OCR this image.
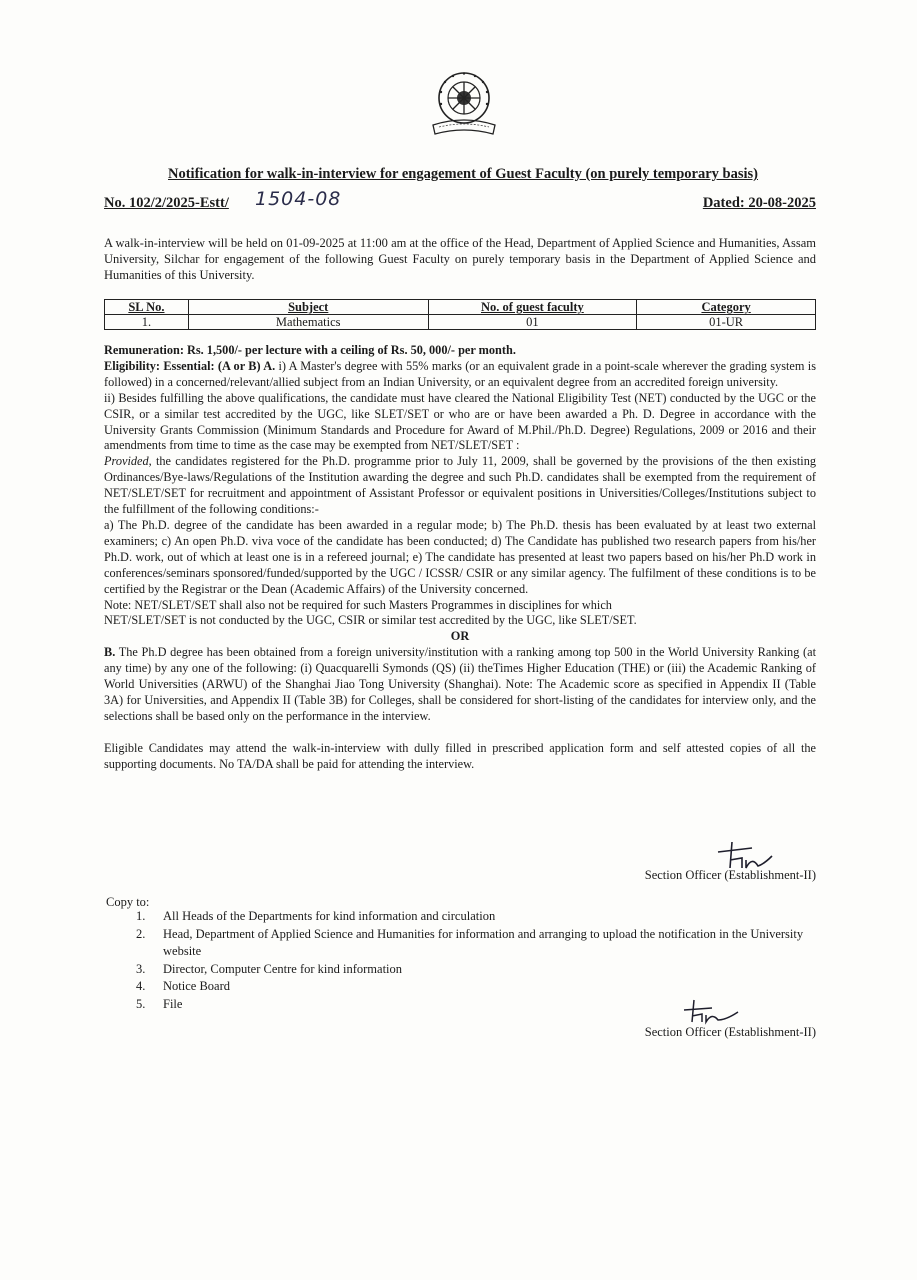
Notification for walk-in-interview for engagement of Guest Faculty (on purely temporary basis)
No. 102/2/2025-Estt/ 1504-08	Dated: 20-08-2025

A walk-in-interview will be held on 01-09-2025 at 11:00 am at the office of the Head, Department of Applied Science and Humanities, Assam University, Silchar for engagement of the following Guest Faculty on purely temporary basis in the Department of Applied Science and Humanities of this University.

SL No.	Subject	No. of guest faculty	Category
1.	Mathematics	01	01-UR

Remuneration: Rs. 1,500/- per lecture with a ceiling of Rs. 50, 000/- per month.

Eligibility: Essential: (A or B) A. i) A Master's degree with 55% marks (or an equivalent grade in a point-scale wherever the grading system is followed) in a concerned/relevant/allied subject from an Indian University, or an equivalent degree from an accredited foreign university.

ii) Besides fulfilling the above qualifications, the candidate must have cleared the National Eligibility Test (NET) conducted by the UGC or the CSIR, or a similar test accredited by the UGC, like SLET/SET or who are or have been awarded a Ph. D. Degree in accordance with the University Grants Commission (Minimum Standards and Procedure for Award of M.Phil./Ph.D. Degree) Regulations, 2009 or 2016 and their amendments from time to time as the case may be exempted from NET/SLET/SET :

Provided, the candidates registered for the Ph.D. programme prior to July 11, 2009, shall be governed by the provisions of the then existing Ordinances/Bye-laws/Regulations of the Institution awarding the degree and such Ph.D. candidates shall be exempted from the requirement of NET/SLET/SET for recruitment and appointment of Assistant Professor or equivalent positions in Universities/Colleges/Institutions subject to the fulfillment of the following conditions:-

a) The Ph.D. degree of the candidate has been awarded in a regular mode; b) The Ph.D. thesis has been evaluated by at least two external examiners; c) An open Ph.D. viva voce of the candidate has been conducted; d) The Candidate has published two research papers from his/her Ph.D. work, out of which at least one is in a refereed journal; e) The candidate has presented at least two papers based on his/her Ph.D work in conferences/seminars sponsored/funded/supported by the UGC / ICSSR/ CSIR or any similar agency. The fulfilment of these conditions is to be certified by the Registrar or the Dean (Academic Affairs) of the University concerned.

Note: NET/SLET/SET shall also not be required for such Masters Programmes in disciplines for which

NET/SLET/SET is not conducted by the UGC, CSIR or similar test accredited by the UGC, like SLET/SET.

OR

B. The Ph.D degree has been obtained from a foreign university/institution with a ranking among top 500 in the World University Ranking (at any time) by any one of the following: (i) Quacquarelli Symonds (QS) (ii) theTimes Higher Education (THE) or (iii) the Academic Ranking of World Universities (ARWU) of the Shanghai Jiao Tong University (Shanghai). Note: The Academic score as specified in Appendix II (Table 3A) for Universities, and Appendix II (Table 3B) for Colleges, shall be considered for short-listing of the candidates for interview only, and the selections shall be based only on the performance in the interview.

Eligible Candidates may attend the walk-in-interview with dully filled in prescribed application form and self attested copies of all the supporting documents. No TA/DA shall be paid for attending the interview.

Section Officer (Establishment-II)
Copy to:
1. All Heads of the Departments for kind information and circulation
2. Head, Department of Applied Science and Humanities for information and arranging to upload the notification in the University website
3. Director, Computer Centre for kind information
4. Notice Board
5. File
Section Officer (Establishment-II)
